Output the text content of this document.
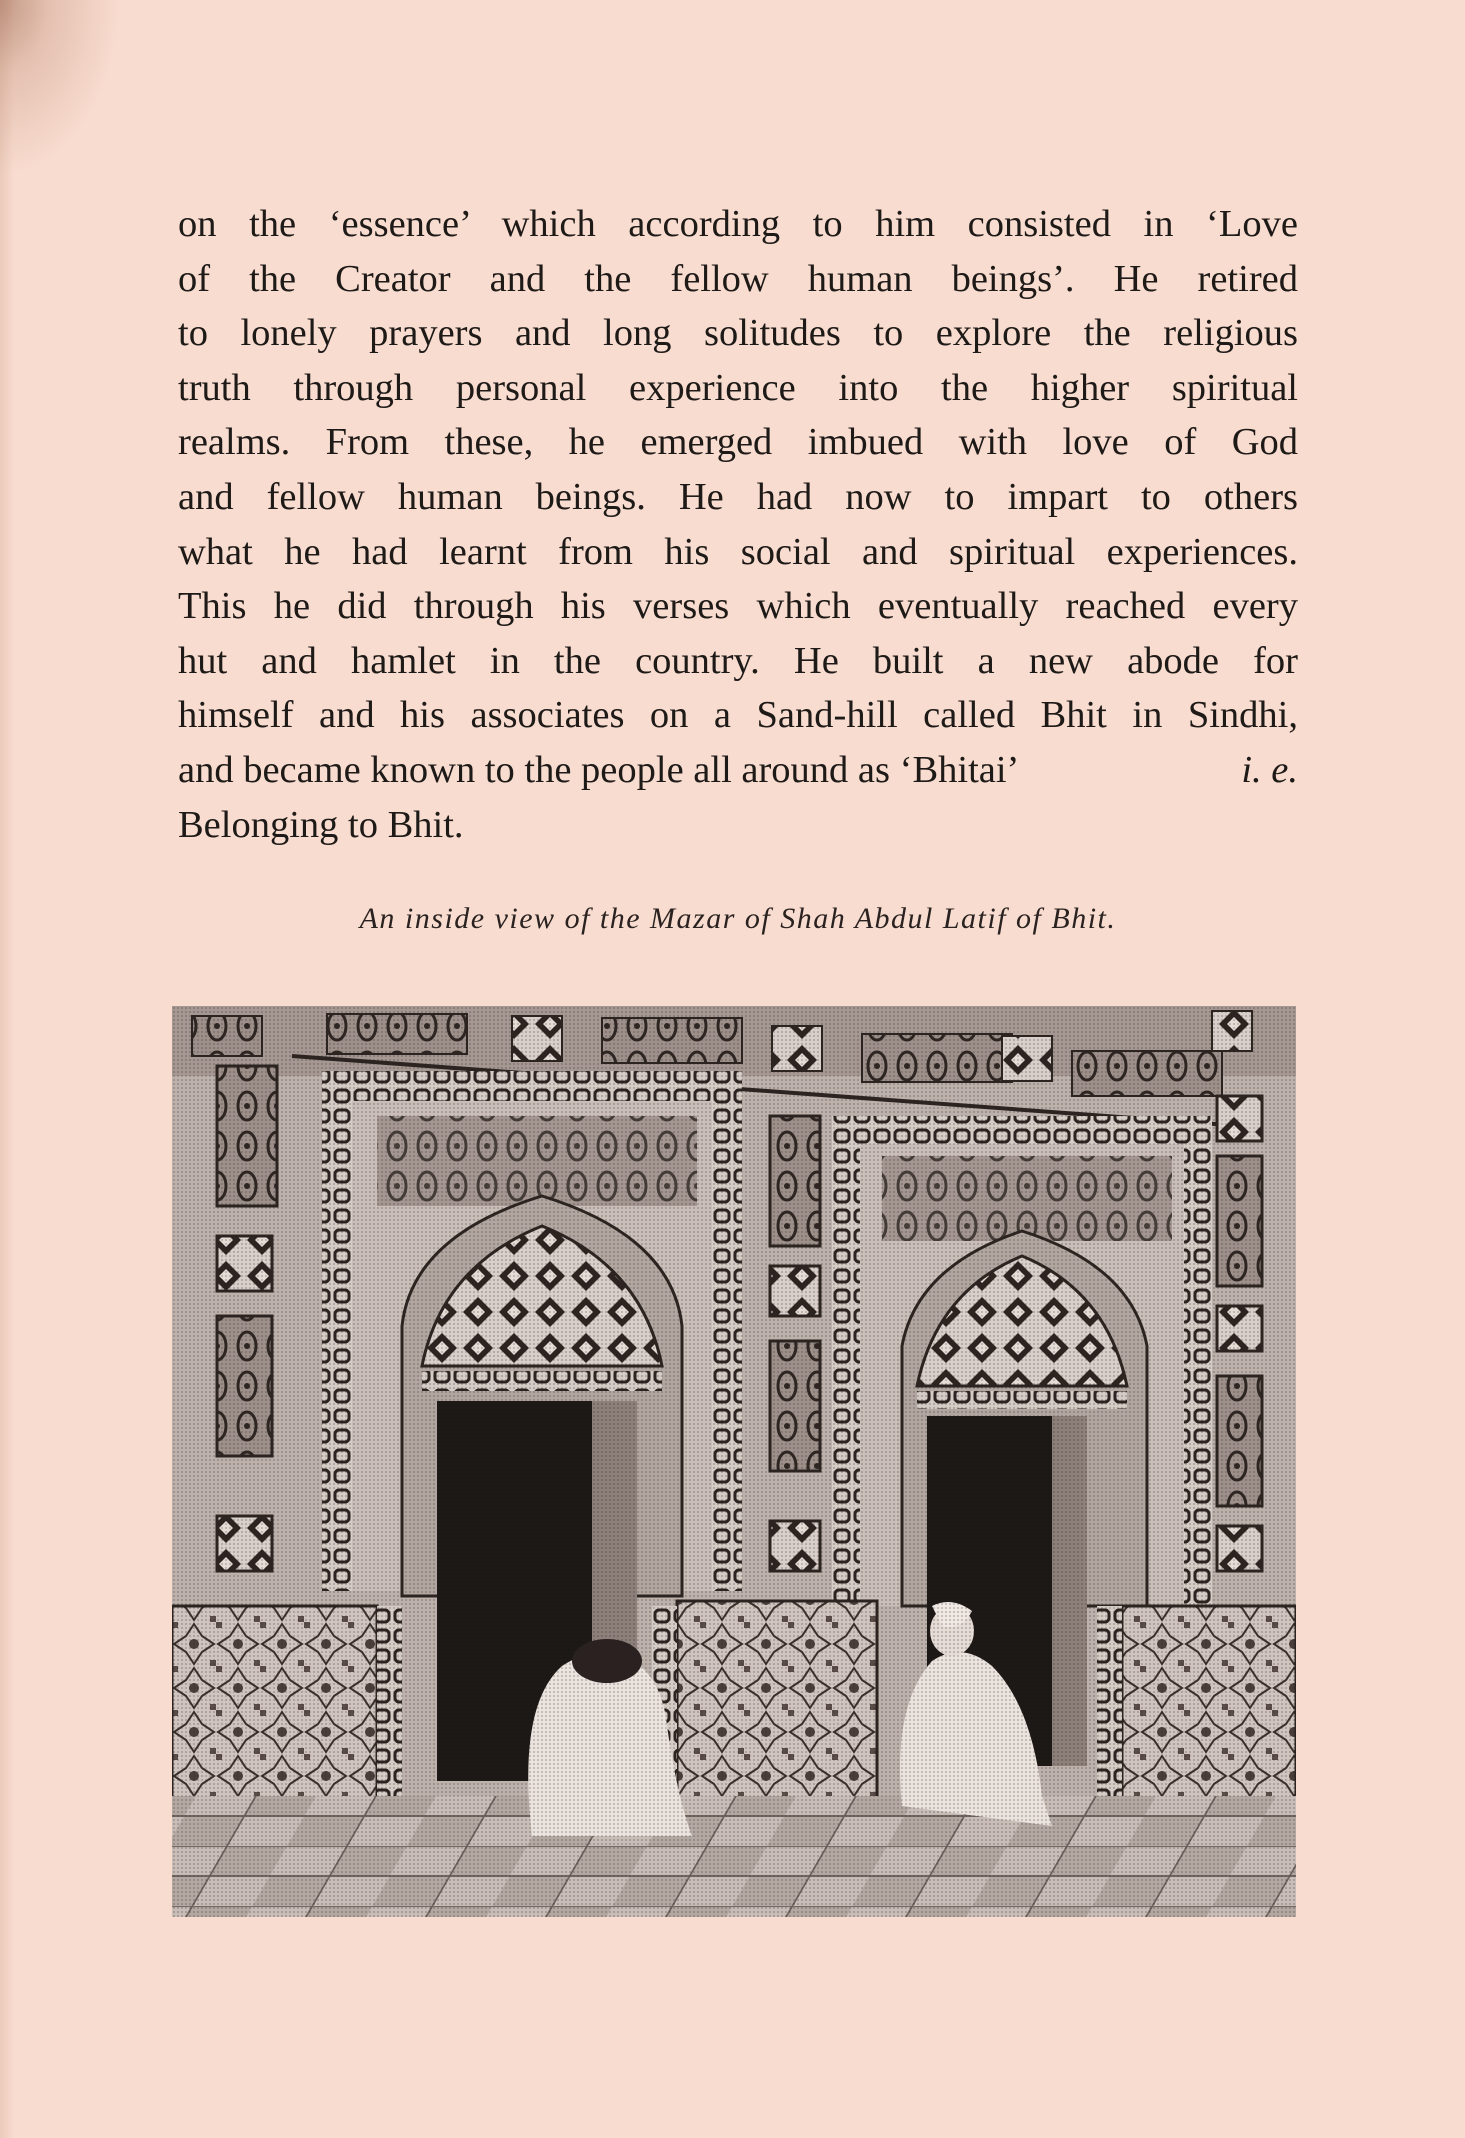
on the ‘essence’ which according to him consisted in ‘Love
of the Creator and the fellow human beings’. He retired
to lonely prayers and long solitudes to explore the religious
truth through personal experience into the higher spiritual
realms. From these, he emerged imbued with love of God
and fellow human beings. He had now to impart to others
what he had learnt from his social and spiritual experiences.
This he did through his verses which eventually reached every
hut and hamlet in the country. He built a new abode for
himself and his associates on a Sand-hill called Bhit in Sindhi,
and became known to the people all around as ‘Bhitai’	i. e.
Belonging to Bhit.
An inside view of the Mazar of Shah Abdul Latif of Bhit.
